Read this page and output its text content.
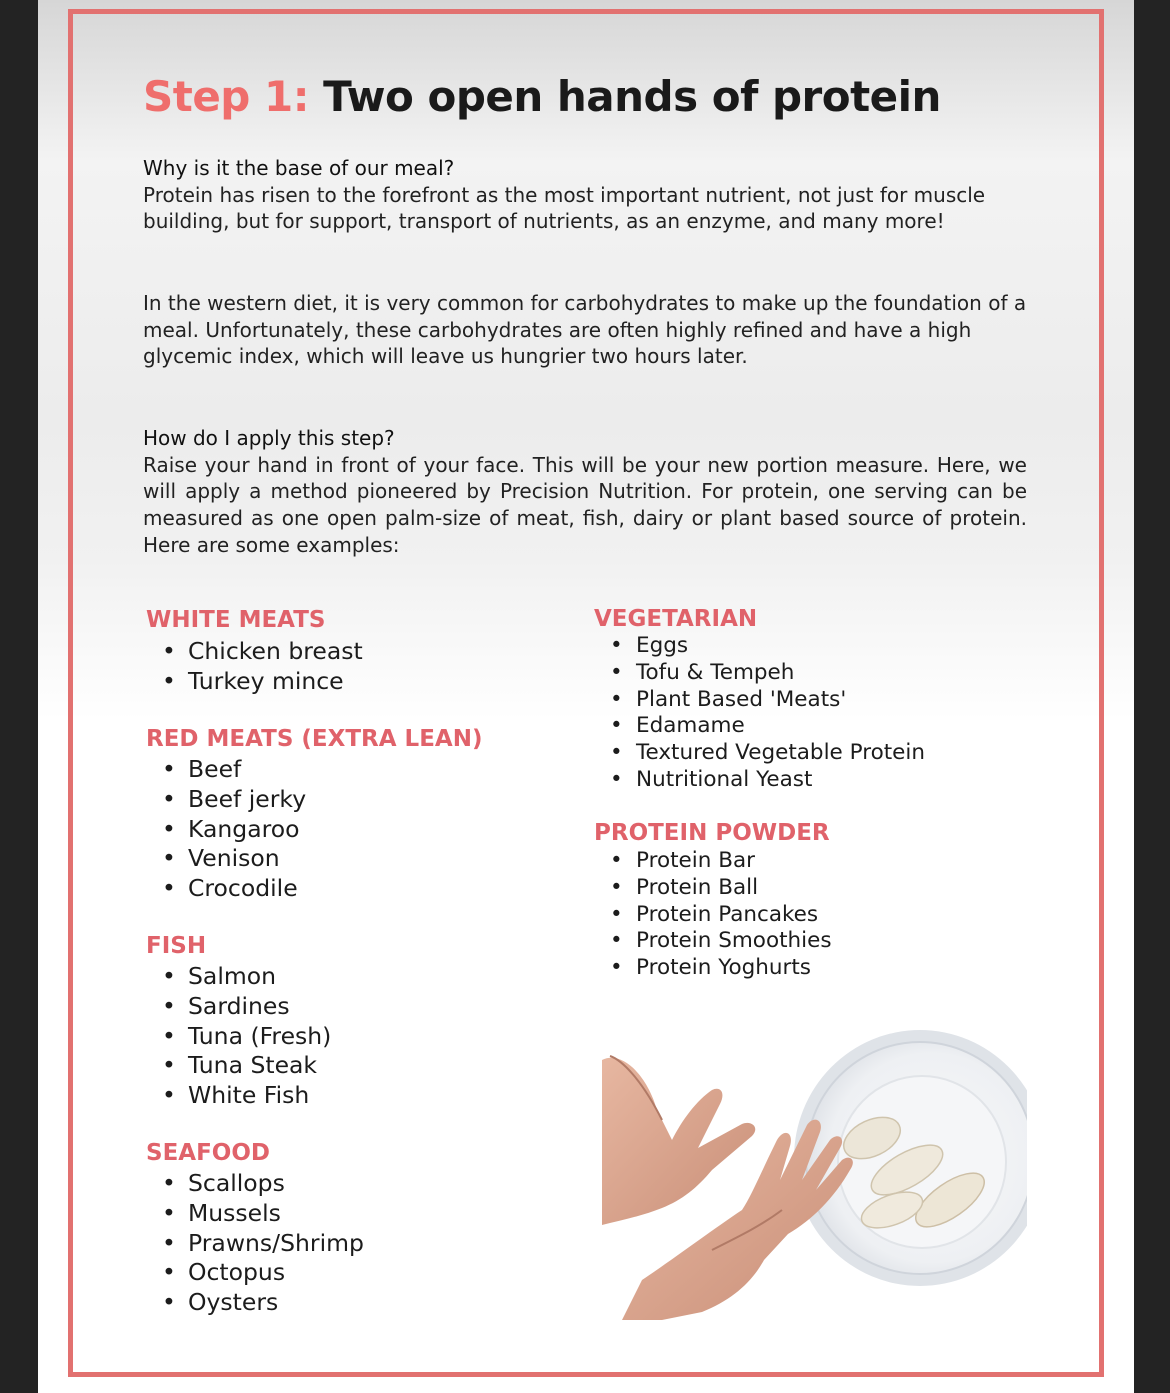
Step 1: Two open hands of protein

Why is it the base of our meal?
Protein has risen to the forefront as the most important nutrient, not just for muscle building, but for support, transport of nutrients, as an enzyme, and many more!

In the western diet, it is very common for carbohydrates to make up the foundation of a meal. Unfortunately, these carbohydrates are often highly refined and have a high glycemic index, which will leave us hungrier two hours later.

How do I apply this step?
Raise your hand in front of your face. This will be your new portion measure. Here, we will apply a method pioneered by Precision Nutrition. For protein, one serving can be measured as one open palm-size of meat, fish, dairy or plant based source of protein. Here are some examples:

WHITE MEATS
• Chicken breast
• Turkey mince
RED MEATS (EXTRA LEAN)
• Beef
• Beef jerky
• Kangaroo
• Venison
• Crocodile
FISH
• Salmon
• Sardines
• Tuna (Fresh)
• Tuna Steak
• White Fish
SEAFOOD
• Scallops
• Mussels
• Prawns/Shrimp
• Octopus
• Oysters
VEGETARIAN
• Eggs
• Tofu & Tempeh
• Plant Based 'Meats'
• Edamame
• Textured Vegetable Protein
• Nutritional Yeast
PROTEIN POWDER
• Protein Bar
• Protein Ball
• Protein Pancakes
• Protein Smoothies
• Protein Yoghurts
